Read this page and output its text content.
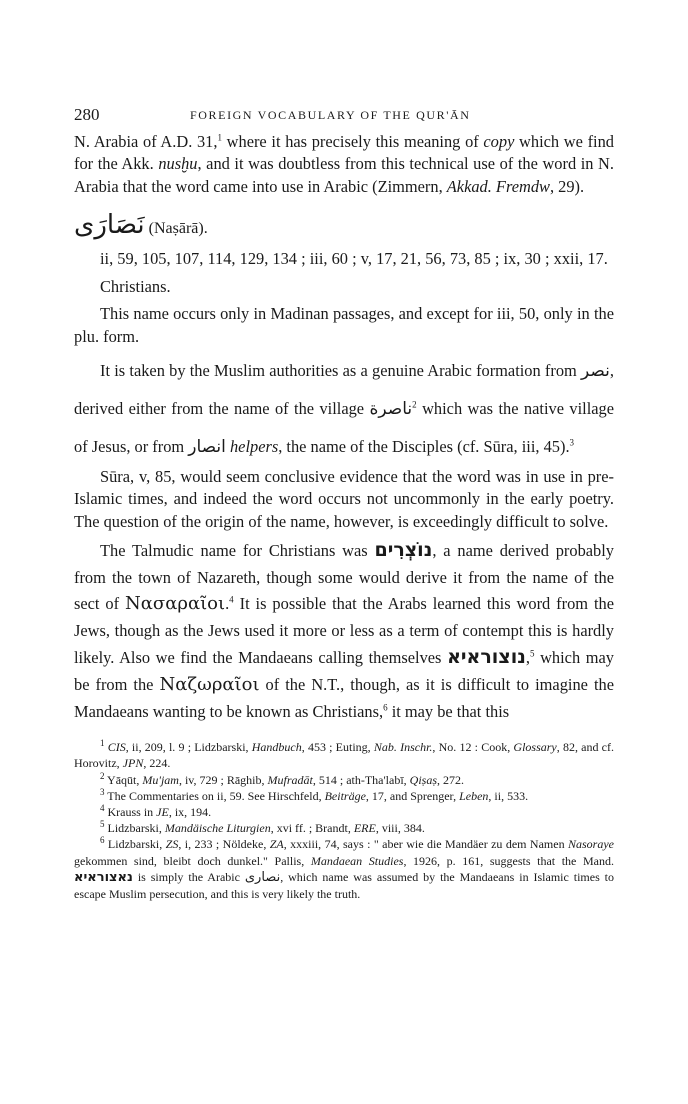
280	FOREIGN VOCABULARY OF THE QUR'ĀN

N. Arabia of A.D. 31,$^1$ where it has precisely this meaning of copy which we find for the Akk. nusḫu, and it was doubtless from this technical use of the word in N. Arabia that the word came into use in Arabic (Zimmern, Akkad. Fremdw, 29).

نَصَارَى (Naṣārā).

ii, 59, 105, 107, 114, 129, 134 ; iii, 60 ; v, 17, 21, 56, 73, 85 ; ix, 30 ; xxii, 17.

Christians.

This name occurs only in Madinan passages, and except for iii, 50, only in the plu. form.

It is taken by the Muslim authorities as a genuine Arabic formation from نصر, derived either from the name of the village ناصرة$^2$ which was the native village of Jesus, or from انصار helpers, the name of the Disciples (cf. Sūra, iii, 45).$^3$

Sūra, v, 85, would seem conclusive evidence that the word was in use in pre-Islamic times, and indeed the word occurs not uncommonly in the early poetry. The question of the origin of the name, however, is exceedingly difficult to solve.

The Talmudic name for Christians was נוֹצְרִים, a name derived probably from the town of Nazareth, though some would derive it from the name of the sect of Νασαραῖοι.$^4$ It is possible that the Arabs learned this word from the Jews, though as the Jews used it more or less as a term of contempt this is hardly likely. Also we find the Mandaeans calling themselves נוצוראיא,$^5$ which may be from the Ναζωραῖοι of the N.T., though, as it is difficult to imagine the Mandaeans wanting to be known as Christians,$^6$ it may be that this

$^1$ CIS, ii, 209, l. 9 ; Lidzbarski, Handbuch, 453 ; Euting, Nab. Inschr., No. 12 : Cook, Glossary, 82, and cf. Horovitz, JPN, 224.

$^2$ Yāqūt, Mu'jam, iv, 729 ; Rāghib, Mufradāt, 514 ; ath-Tha'labī, Qiṣaṣ, 272.

$^3$ The Commentaries on ii, 59. See Hirschfeld, Beiträge, 17, and Sprenger, Leben, ii, 533.

$^4$ Krauss in JE, ix, 194.

$^5$ Lidzbarski, Mandäische Liturgien, xvi ff. ; Brandt, ERE, viii, 384.

$^6$ Lidzbarski, ZS, i, 233 ; Nöldeke, ZA, xxxiii, 74, says : " aber wie die Mandäer zu dem Namen Nasoraye gekommen sind, bleibt doch dunkel." Pallis, Mandaean Studies, 1926, p. 161, suggests that the Mand. נאצוראיא is simply the Arabic نصارى, which name was assumed by the Mandaeans in Islamic times to escape Muslim persecution, and this is very likely the truth.
